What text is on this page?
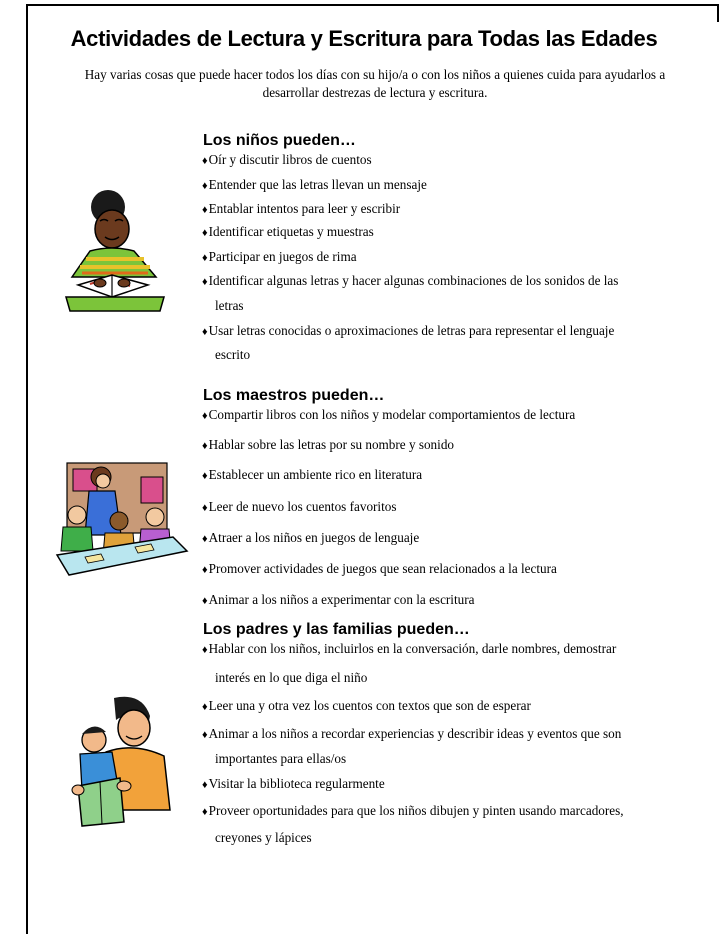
Actividades de Lectura y Escritura para Todas las Edades

Hay varias cosas que puede hacer todos los días con su hijo/a o con los niños a quienes cuida para ayudarlos a
desarrollar destrezas de lectura y escritura.

Los niños pueden…
♦Oír y discutir libros de cuentos
♦Entender que las letras llevan un mensaje
♦Entablar intentos para leer y escribir
♦Identificar etiquetas y muestras
♦Participar en juegos de rima
♦Identificar algunas letras y hacer algunas combinaciones de los sonidos de las
letras
♦Usar letras conocidas o aproximaciones de letras para representar el lenguaje
escrito
Los maestros pueden…
♦Compartir libros con los niños y modelar comportamientos de lectura
♦Hablar sobre las letras por su nombre y sonido
♦Establecer un ambiente rico en literatura
♦Leer de nuevo los cuentos favoritos
♦Atraer a los niños en juegos de lenguaje
♦Promover actividades de juegos que sean relacionados a la lectura
♦Animar a los niños a experimentar con la escritura
Los padres y las familias pueden…
♦Hablar con los niños, incluirlos en la conversación, darle nombres, demostrar
interés en lo que diga el niño
♦Leer una y otra vez los cuentos con textos que son de esperar
♦Animar a los niños a recordar experiencias y describir ideas y eventos que son
importantes para ellas/os
♦Visitar la biblioteca regularmente
♦Proveer oportunidades para que los niños dibujen y pinten usando marcadores,
creyones y lápices
